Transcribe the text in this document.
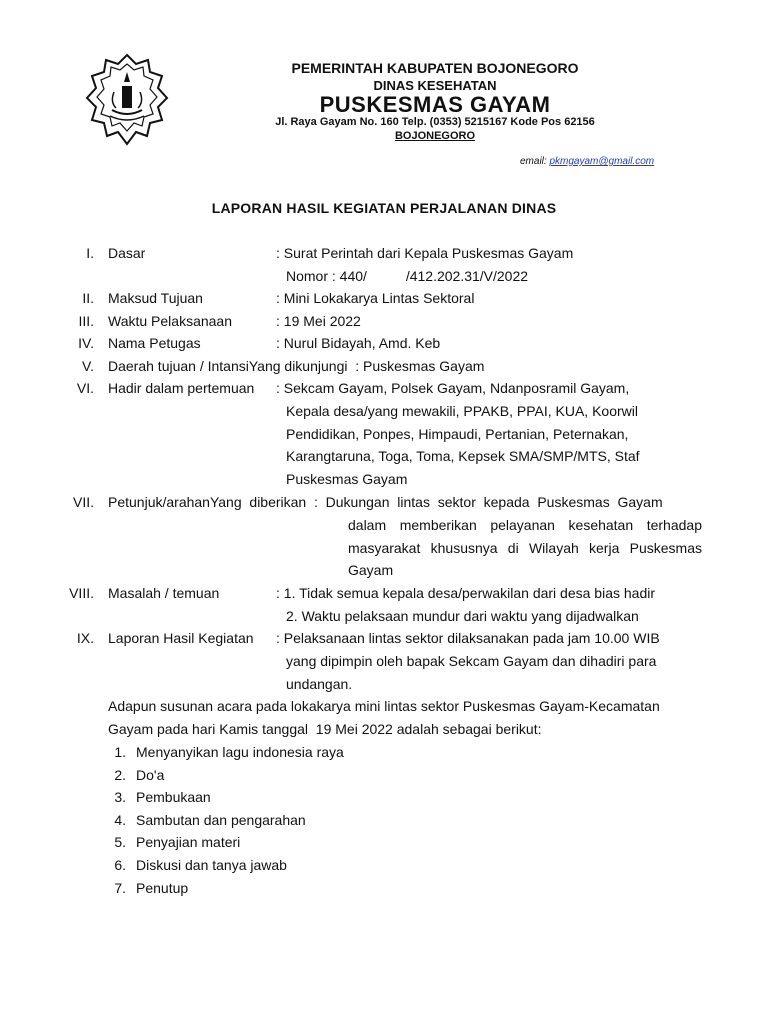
PEMERINTAH KABUPATEN BOJONEGORO
DINAS KESEHATAN
PUSKESMAS GAYAM
Jl. Raya Gayam No. 160 Telp. (0353) 5215167 Kode Pos 62156
BOJONEGORO
email: pkmgayam@gmail.com
LAPORAN HASIL KEGIATAN PERJALANAN DINAS
I. Dasar	: Surat Perintah dari Kepala Puskesmas Gayam
Nomor : 440/          /412.202.31/V/2022
II. Maksud Tujuan	: Mini Lokakarya Lintas Sektoral
III. Waktu Pelaksanaan	: 19 Mei 2022
IV. Nama Petugas	: Nurul Bidayah, Amd. Keb
V. Daerah tujuan / IntansiYang dikunjungi  : Puskesmas Gayam
VI. Hadir dalam pertemuan : Sekcam Gayam, Polsek Gayam, Ndanposramil Gayam,
Kepala desa/yang mewakili, PPAKB, PPAI, KUA, Koorwil
Pendidikan, Ponpes, Himpaudi, Pertanian, Peternakan,
Karangtaruna, Toga, Toma, Kepsek SMA/SMP/MTS, Staf
Puskesmas Gayam
VII. Petunjuk/arahanYang  diberikan  :  Dukungan  lintas  sektor  kepada  Puskesmas  Gayam
dalam memberikan pelayanan kesehatan terhadap
masyarakat khususnya di Wilayah kerja Puskesmas
Gayam
VIII. Masalah / temuan	: 1. Tidak semua kepala desa/perwakilan dari desa bias hadir
2. Waktu pelaksaan mundur dari waktu yang dijadwalkan
IX. Laporan Hasil Kegiatan : Pelaksanaan lintas sektor dilaksanakan pada jam 10.00 WIB
yang dipimpin oleh bapak Sekcam Gayam dan dihadiri para
undangan.
Adapun susunan acara pada lokakarya mini lintas sektor Puskesmas Gayam-Kecamatan
Gayam pada hari Kamis tanggal  19 Mei 2022 adalah sebagai berikut:
1. Menyanyikan lagu indonesia raya
2. Do'a
3. Pembukaan
4. Sambutan dan pengarahan
5. Penyajian materi
6. Diskusi dan tanya jawab
7. Penutup
